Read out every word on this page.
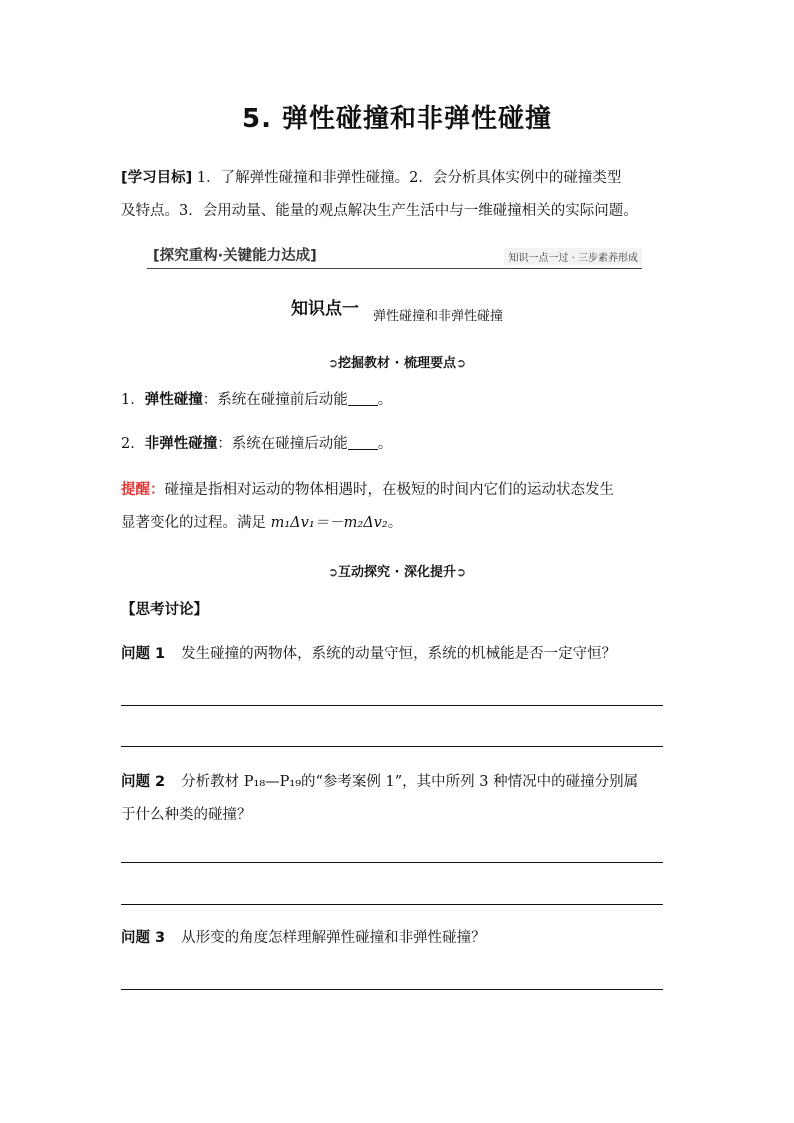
5. 弹性碰撞和非弹性碰撞
[学习目标] 1．了解弹性碰撞和非弹性碰撞。2．会分析具体实例中的碰撞类型
及特点。3．会用动量、能量的观点解决生产生活中与一维碰撞相关的实际问题。
[探究重构·关键能力达成]	知识一点一过 · 三步素养形成
知识点一 $_{弹性碰撞和非弹性碰撞}$
➲挖掘教材 · 梳理要点➲
1．弹性碰撞：系统在碰撞前后动能 。
2．非弹性碰撞：系统在碰撞后动能 。
提醒：碰撞是指相对运动的物体相遇时，在极短的时间内它们的运动状态发生
显著变化的过程。满足 m₁Δv₁＝－m₂Δv₂。
➲互动探究 · 深化提升➲
【思考讨论】
问题 1 发生碰撞的两物体，系统的动量守恒，系统的机械能是否一定守恒？
问题 2 分析教材 P₁₈—P₁₉的“参考案例 1”，其中所列 3 种情况中的碰撞分别属
于什么种类的碰撞？
问题 3 从形变的角度怎样理解弹性碰撞和非弹性碰撞？
